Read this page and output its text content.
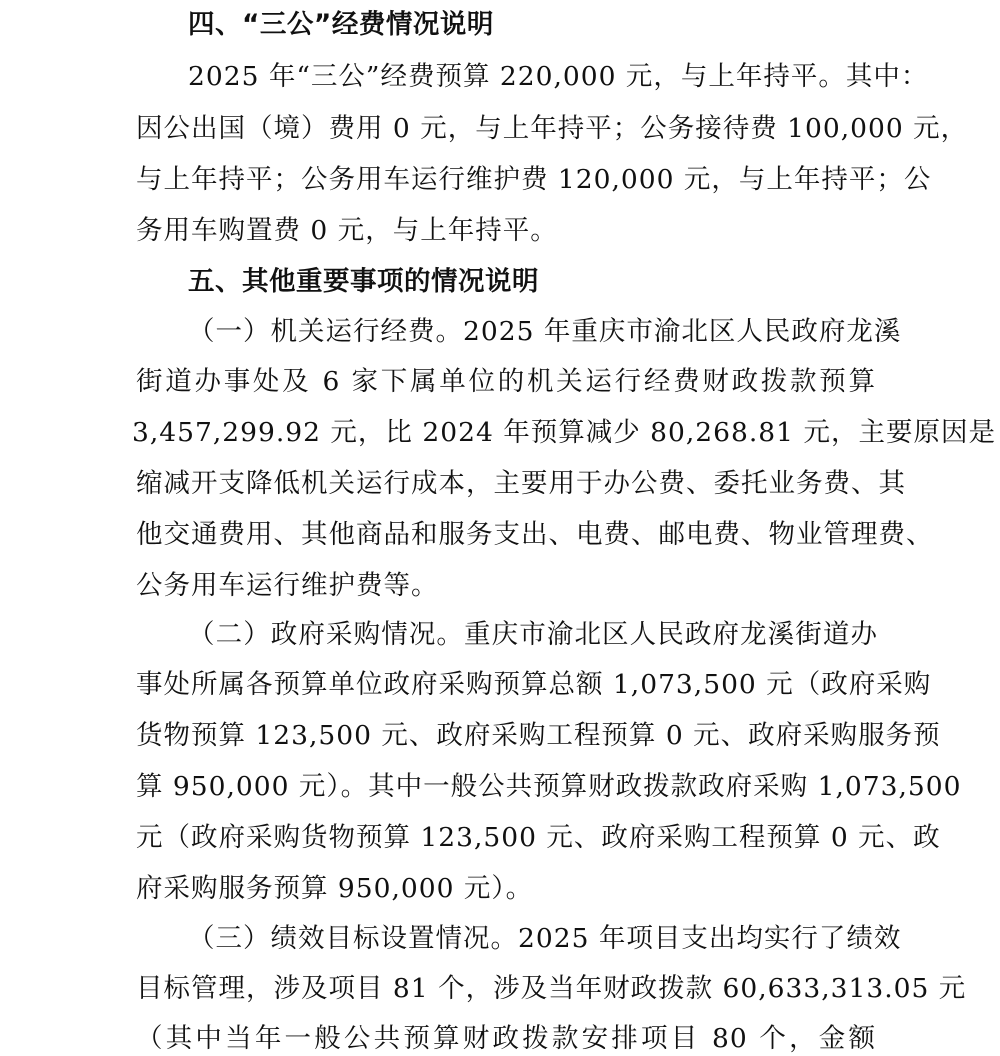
四、“三公”经费情况说明
2025 年“三公”经费预算 220,000 元，与上年持平。其中：
因公出国（境）费用 0 元，与上年持平；公务接待费 100,000 元，
与上年持平；公务用车运行维护费 120,000 元，与上年持平；公
务用车购置费 0 元，与上年持平。
五、其他重要事项的情况说明
（一）机关运行经费。2025 年重庆市渝北区人民政府龙溪
街道办事处及 6 家下属单位的机关运行经费财政拨款预算
3,457,299.92 元，比 2024 年预算减少 80,268.81 元，主要原因是
缩减开支降低机关运行成本，主要用于办公费、委托业务费、其
他交通费用、其他商品和服务支出、电费、邮电费、物业管理费、
公务用车运行维护费等。
（二）政府采购情况。重庆市渝北区人民政府龙溪街道办
事处所属各预算单位政府采购预算总额 1,073,500 元（政府采购
货物预算 123,500 元、政府采购工程预算 0 元、政府采购服务预
算 950,000 元）。其中一般公共预算财政拨款政府采购 1,073,500
元（政府采购货物预算 123,500 元、政府采购工程预算 0 元、政
府采购服务预算 950,000 元）。
（三）绩效目标设置情况。2025 年项目支出均实行了绩效
目标管理，涉及项目 81 个，涉及当年财政拨款 60,633,313.05 元
（其中当年一般公共预算财政拨款安排项目 80 个，金额
